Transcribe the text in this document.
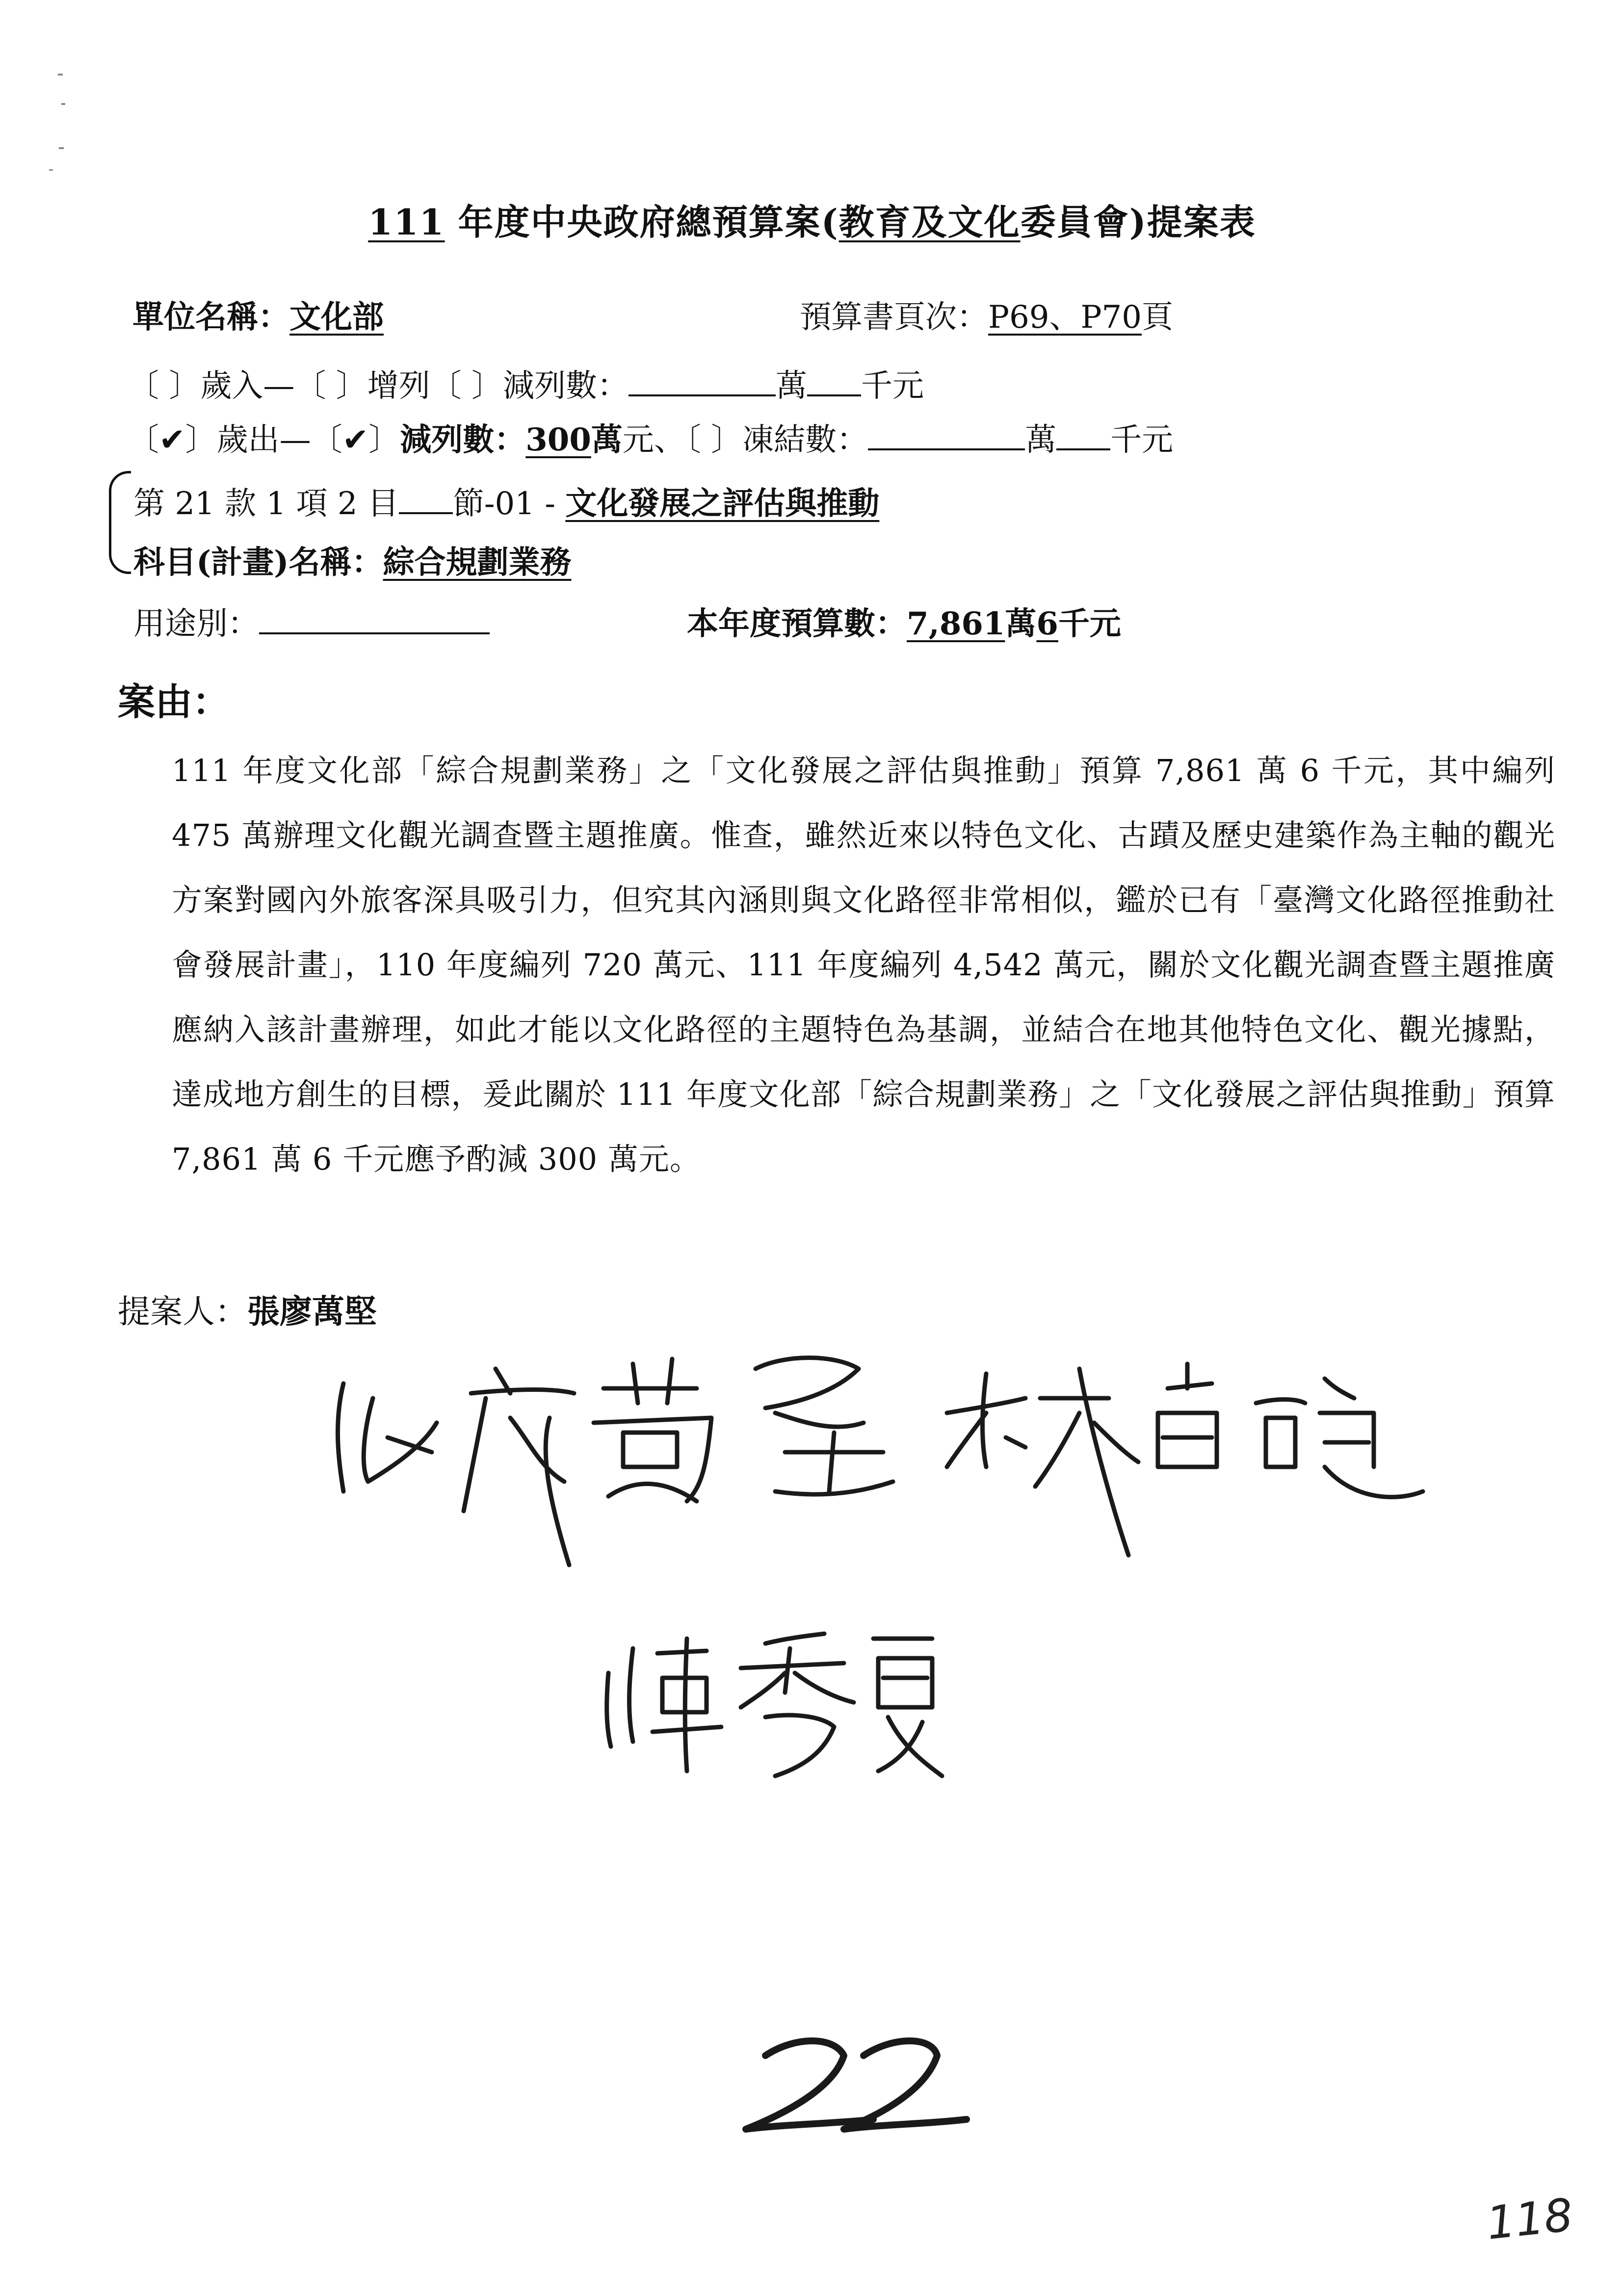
111 年度中央政府總預算案(教育及文化委員會)提案表
單位名稱：文化部	預算書頁次：P69、P70頁
〔 〕歲入—〔 〕增列〔 〕減列數：	萬 千元
〔✔〕歲出—〔✔〕減列數：300萬元、〔 〕凍結數：	萬 千元
第 21 款 1 項 2 目 節-01 - 文化發展之評估與推動
科目(計畫)名稱：綜合規劃業務
用途別：	本年度預算數：7,861萬6千元
案由：
111 年度文化部「綜合規劃業務」之「文化發展之評估與推動」預算 7,861 萬 6 千元，其中編列 475 萬辦理文化觀光調查暨主題推廣。惟查，雖然近來以特色文化、古蹟及歷史建築作為主軸的觀光方案對國內外旅客深具吸引力，但究其內涵則與文化路徑非常相似，鑑於已有「臺灣文化路徑推動社會發展計畫」，110 年度編列 720 萬元、111 年度編列 4,542 萬元，關於文化觀光調查暨主題推廣應納入該計畫辦理，如此才能以文化路徑的主題特色為基調，並結合在地其他特色文化、觀光據點，達成地方創生的目標，爰此關於 111 年度文化部「綜合規劃業務」之「文化發展之評估與推動」預算 7,861 萬 6 千元應予酌減 300 萬元。
提案人：張廖萬堅
118
